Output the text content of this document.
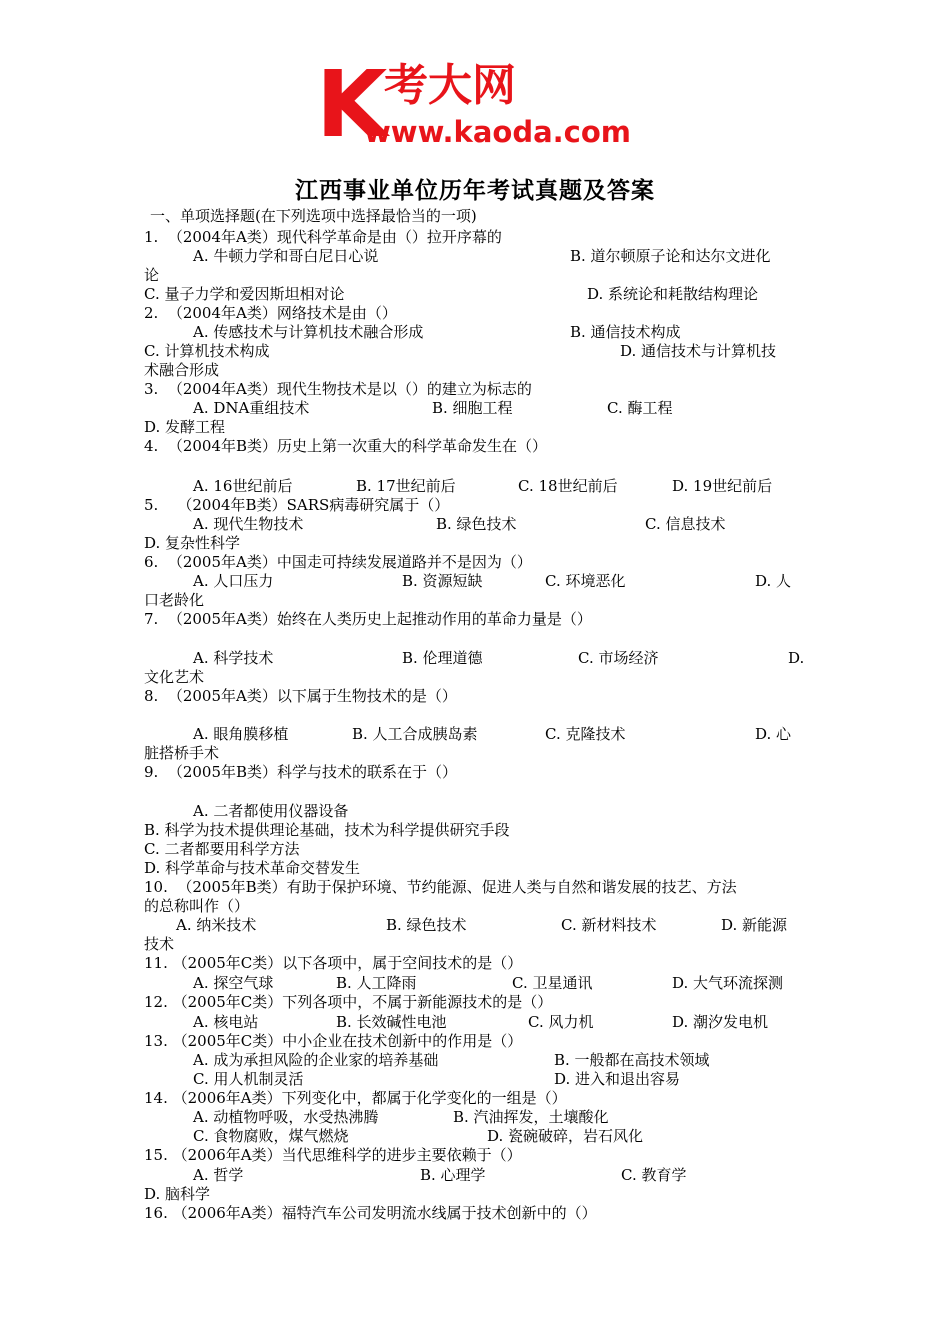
K
考大网
www.kaoda.com
江西事业单位历年考试真题及答案
一、单项选择题(在下列选项中选择最恰当的一项)
1.  （2004年A类）现代科学革命是由（）拉开序幕的
A. 牛顿力学和哥白尼日心说	B. 道尔顿原子论和达尔文进化
论
C. 量子力学和爱因斯坦相对论	D. 系统论和耗散结构理论
2.  （2004年A类）网络技术是由（）
A. 传感技术与计算机技术融合形成	B. 通信技术构成
C. 计算机技术构成	D. 通信技术与计算机技
术融合形成
3.  （2004年A类）现代生物技术是以（）的建立为标志的
A. DNA重组技术	B. 细胞工程	C. 酶工程
D. 发酵工程
4.  （2004年B类）历史上第一次重大的科学革命发生在（）
A. 16世纪前后	B. 17世纪前后	C. 18世纪前后	D. 19世纪前后
5.    （2004年B类）SARS病毒研究属于（）
A. 现代生物技术	B. 绿色技术	C. 信息技术
D. 复杂性科学
6.  （2005年A类）中国走可持续发展道路并不是因为（）
A. 人口压力	B. 资源短缺	C. 环境恶化	D. 人
口老龄化
7.  （2005年A类）始终在人类历史上起推动作用的革命力量是（）
A. 科学技术	B. 伦理道德	C. 市场经济	D.
文化艺术
8.  （2005年A类）以下属于生物技术的是（）
A. 眼角膜移植	B. 人工合成胰岛素	C. 克隆技术	D. 心
脏搭桥手术
9.  （2005年B类）科学与技术的联系在于（）
A. 二者都使用仪器设备
B. 科学为技术提供理论基础，技术为科学提供研究手段
C. 二者都要用科学方法
D. 科学革命与技术革命交替发生
10.  （2005年B类）有助于保护环境、节约能源、促进人类与自然和谐发展的技艺、方法
的总称叫作（）
A. 纳米技术	B. 绿色技术	C. 新材料技术	D. 新能源
技术
11. （2005年C类）以下各项中，属于空间技术的是（）
A. 探空气球	B. 人工降雨	C. 卫星通讯	D. 大气环流探测
12. （2005年C类）下列各项中，不属于新能源技术的是（）
A. 核电站	B. 长效碱性电池	C. 风力机	D. 潮汐发电机
13. （2005年C类）中小企业在技术创新中的作用是（）
A. 成为承担风险的企业家的培养基础	B. 一般都在高技术领域
C. 用人机制灵活	D. 进入和退出容易
14. （2006年A类）下列变化中，都属于化学变化的一组是（）
A. 动植物呼吸，水受热沸腾	B. 汽油挥发，土壤酸化
C. 食物腐败，煤气燃烧	D. 瓷碗破碎，岩石风化
15. （2006年A类）当代思维科学的进步主要依赖于（）
A. 哲学	B. 心理学	C. 教育学
D. 脑科学
16. （2006年A类）福特汽车公司发明流水线属于技术创新中的（）
